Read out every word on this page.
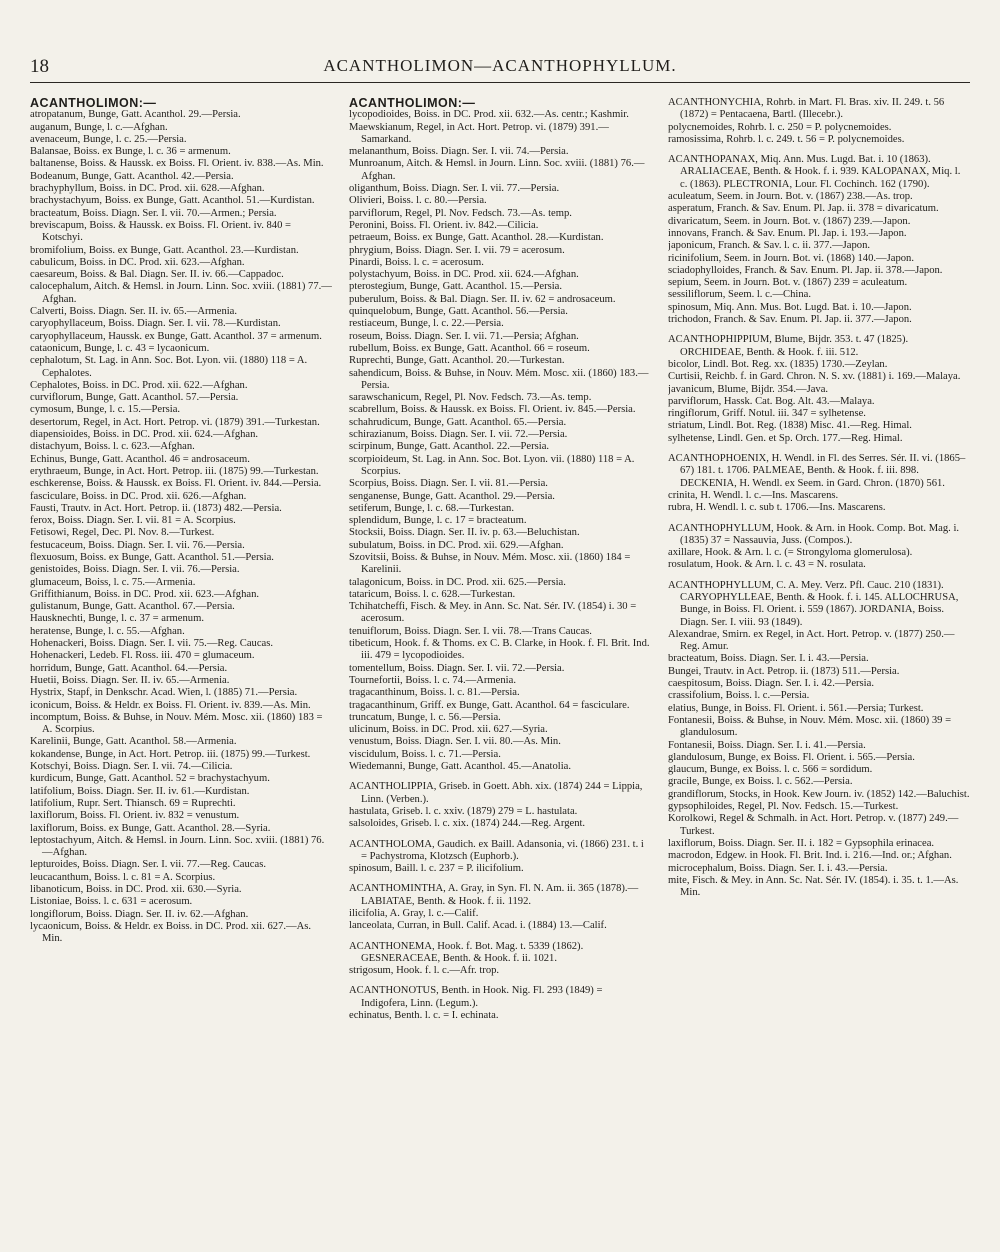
18	ACANTHOLIMON—ACANTHOPHYLLUM.

ACANTHOLIMON:—

atropatanum, Bunge, Gatt. Acanthol. 29.—Persia.

auganum, Bunge, l. c.—Afghan.

avenaceum, Bunge, l. c. 25.—Persia.

Balansae, Boiss. ex Bunge, l. c. 36 = armenum.

baltanense, Boiss. & Haussk. ex Boiss. Fl. Orient. iv. 838.—As. Min.

Bodeanum, Bunge, Gatt. Acanthol. 42.—Persia.

brachyphyllum, Boiss. in DC. Prod. xii. 628.—Afghan.

brachystachyum, Boiss. ex Bunge, Gatt. Acanthol. 51.—Kurdistan.

bracteatum, Boiss. Diagn. Ser. I. vii. 70.—Armen.; Persia.

breviscapum, Boiss. & Haussk. ex Boiss. Fl. Orient. iv. 840 = Kotschyi.

bromifolium, Boiss. ex Bunge, Gatt. Acanthol. 23.—Kurdistan.

cabulicum, Boiss. in DC. Prod. xii. 623.—Afghan.

caesareum, Boiss. & Bal. Diagn. Ser. II. iv. 66.—Cappadoc.

calocephalum, Aitch. & Hemsl. in Journ. Linn. Soc. xviii. (1881) 77.—Afghan.

Calverti, Boiss. Diagn. Ser. II. iv. 65.—Armenia.

caryophyllaceum, Boiss. Diagn. Ser. I. vii. 78.—Kurdistan.

caryophyllaceum, Haussk. ex Bunge, Gatt. Acanthol. 37 = armenum.

cataonicum, Bunge, l. c. 43 = lycaonicum.

cephalotum, St. Lag. in Ann. Soc. Bot. Lyon. vii. (1880) 118 = A. Cephalotes.

Cephalotes, Boiss. in DC. Prod. xii. 622.—Afghan.

curviflorum, Bunge, Gatt. Acanthol. 57.—Persia.

cymosum, Bunge, l. c. 15.—Persia.

desertorum, Regel, in Act. Hort. Petrop. vi. (1879) 391.—Turkestan.

diapensioides, Boiss. in DC. Prod. xii. 624.—Afghan.

distachyum, Boiss. l. c. 623.—Afghan.

Echinus, Bunge, Gatt. Acanthol. 46 = androsaceum.

erythraeum, Bunge, in Act. Hort. Petrop. iii. (1875) 99.—Turkestan.

eschkerense, Boiss. & Haussk. ex Boiss. Fl. Orient. iv. 844.—Persia.

fasciculare, Boiss. in DC. Prod. xii. 626.—Afghan.

Fausti, Trautv. in Act. Hort. Petrop. ii. (1873) 482.—Persia.

ferox, Boiss. Diagn. Ser. I. vii. 81 = A. Scorpius.

Fetisowi, Regel, Dec. Pl. Nov. 8.—Turkest.

festucaceum, Boiss. Diagn. Ser. I. vii. 76.—Persia.

flexuosum, Boiss. ex Bunge, Gatt. Acanthol. 51.—Persia.

genistoides, Boiss. Diagn. Ser. I. vii. 76.—Persia.

glumaceum, Boiss, l. c. 75.—Armenia.

Griffithianum, Boiss. in DC. Prod. xii. 623.—Afghan.

gulistanum, Bunge, Gatt. Acanthol. 67.—Persia.

Hausknechti, Bunge, l. c. 37 = armenum.

heratense, Bunge, l. c. 55.—Afghan.

Hohenackeri, Boiss. Diagn. Ser. I. vii. 75.—Reg. Caucas.

Hohenackeri, Ledeb. Fl. Ross. iii. 470 = glumaceum.

horridum, Bunge, Gatt. Acanthol. 64.—Persia.

Huetii, Boiss. Diagn. Ser. II. iv. 65.—Armenia.

Hystrix, Stapf, in Denkschr. Acad. Wien, l. (1885) 71.—Persia.

iconicum, Boiss. & Heldr. ex Boiss. Fl. Orient. iv. 839.—As. Min.

incomptum, Boiss. & Buhse, in Nouv. Mém. Mosc. xii. (1860) 183 = A. Scorpius.

Karelinii, Bunge, Gatt. Acanthol. 58.—Armenia.

kokandense, Bunge, in Act. Hort. Petrop. iii. (1875) 99.—Turkest.

Kotschyi, Boiss. Diagn. Ser. I. vii. 74.—Cilicia.

kurdicum, Bunge, Gatt. Acanthol. 52 = brachystachyum.

latifolium, Boiss. Diagn. Ser. II. iv. 61.—Kurdistan.

latifolium, Rupr. Sert. Thiansch. 69 = Ruprechti.

laxiflorum, Boiss. Fl. Orient. iv. 832 = venustum.

laxiflorum, Boiss. ex Bunge, Gatt. Acanthol. 28.—Syria.

leptostachyum, Aitch. & Hemsl. in Journ. Linn. Soc. xviii. (1881) 76.—Afghan.

lepturoides, Boiss. Diagn. Ser. I. vii. 77.—Reg. Caucas.

leucacanthum, Boiss. l. c. 81 = A. Scorpius.

libanoticum, Boiss. in DC. Prod. xii. 630.—Syria.

Listoniae, Boiss. l. c. 631 = acerosum.

longiflorum, Boiss. Diagn. Ser. II. iv. 62.—Afghan.

lycaonicum, Boiss. & Heldr. ex Boiss. in DC. Prod. xii. 627.—As. Min.

ACANTHOLIMON:—

lycopodioides, Boiss. in DC. Prod. xii. 632.—As. centr.; Kashmir.

Maewskianum, Regel, in Act. Hort. Petrop. vi. (1879) 391.—Samarkand.

melananthum, Boiss. Diagn. Ser. I. vii. 74.—Persia.

Munroanum, Aitch. & Hemsl. in Journ. Linn. Soc. xviii. (1881) 76.—Afghan.

oliganthum, Boiss. Diagn. Ser. I. vii. 77.—Persia.

Olivieri, Boiss. l. c. 80.—Persia.

parviflorum, Regel, Pl. Nov. Fedsch. 73.—As. temp.

Peronini, Boiss. Fl. Orient. iv. 842.—Cilicia.

petraeum, Boiss. ex Bunge, Gatt. Acanthol. 28.—Kurdistan.

phrygium, Boiss. Diagn. Ser. I. vii. 79 = acerosum.

Pinardi, Boiss. l. c. = acerosum.

polystachyum, Boiss. in DC. Prod. xii. 624.—Afghan.

pterostegium, Bunge, Gatt. Acanthol. 15.—Persia.

puberulum, Boiss. & Bal. Diagn. Ser. II. iv. 62 = androsaceum.

quinquelobum, Bunge, Gatt. Acanthol. 56.—Persia.

restiaceum, Bunge, l. c. 22.—Persia.

roseum, Boiss. Diagn. Ser. I. vii. 71.—Persia; Afghan.

rubellum, Boiss. ex Bunge, Gatt. Acanthol. 66 = roseum.

Ruprechti, Bunge, Gatt. Acanthol. 20.—Turkestan.

sahendicum, Boiss. & Buhse, in Nouv. Mém. Mosc. xii. (1860) 183.—Persia.

sarawschanicum, Regel, Pl. Nov. Fedsch. 73.—As. temp.

scabrellum, Boiss. & Haussk. ex Boiss. Fl. Orient. iv. 845.—Persia.

schahrudicum, Bunge, Gatt. Acanthol. 65.—Persia.

schirazianum, Boiss. Diagn. Ser. I. vii. 72.—Persia.

scirpinum, Bunge, Gatt. Acanthol. 22.—Persia.

scorpioideum, St. Lag. in Ann. Soc. Bot. Lyon. vii. (1880) 118 = A. Scorpius.

Scorpius, Boiss. Diagn. Ser. I. vii. 81.—Persia.

senganense, Bunge, Gatt. Acanthol. 29.—Persia.

setiferum, Bunge, l. c. 68.—Turkestan.

splendidum, Bunge, l. c. 17 = bracteatum.

Stocksii, Boiss. Diagn. Ser. II. iv. p. 63.—Beluchistan.

subulatum, Boiss. in DC. Prod. xii. 629.—Afghan.

Szovitsii, Boiss. & Buhse, in Nouv. Mém. Mosc. xii. (1860) 184 = Karelinii.

talagonicum, Boiss. in DC. Prod. xii. 625.—Persia.

tataricum, Boiss. l. c. 628.—Turkestan.

Tchihatcheffi, Fisch. & Mey. in Ann. Sc. Nat. Sér. IV. (1854) i. 30 = acerosum.

tenuiflorum, Boiss. Diagn. Ser. I. vii. 78.—Trans Caucas.

tibeticum, Hook. f. & Thoms. ex C. B. Clarke, in Hook. f. Fl. Brit. Ind. iii. 479 = lycopodioides.

tomentellum, Boiss. Diagn. Ser. I. vii. 72.—Persia.

Tournefortii, Boiss. l. c. 74.—Armenia.

tragacanthinum, Boiss. l. c. 81.—Persia.

tragacanthinum, Griff. ex Bunge, Gatt. Acanthol. 64 = fasciculare.

truncatum, Bunge, l. c. 56.—Persia.

ulicinum, Boiss. in DC. Prod. xii. 627.—Syria.

venustum, Boiss. Diagn. Ser. I. vii. 80.—As. Min.

viscidulum, Boiss. l. c. 71.—Persia.

Wiedemanni, Bunge, Gatt. Acanthol. 45.—Anatolia.

ACANTHOLIPPIA, Griseb. in Goett. Abh. xix. (1874) 244 = Lippia, Linn. (Verben.).

hastulata, Griseb. l. c. xxiv. (1879) 279 = L. hastulata.

salsoloides, Griseb. l. c. xix. (1874) 244.—Reg. Argent.

ACANTHOLOMA, Gaudich. ex Baill. Adansonia, vi. (1866) 231. t. i = Pachystroma, Klotzsch (Euphorb.).

spinosum, Baill. l. c. 237 = P. ilicifolium.

ACANTHOMINTHA, A. Gray, in Syn. Fl. N. Am. ii. 365 (1878).—LABIATAE, Benth. & Hook. f. ii. 1192.

ilicifolia, A. Gray, l. c.—Calif.

lanceolata, Curran, in Bull. Calif. Acad. i. (1884) 13.—Calif.

ACANTHONEMA, Hook. f. Bot. Mag. t. 5339 (1862). GESNERACEAE, Benth. & Hook. f. ii. 1021.

strigosum, Hook. f. l. c.—Afr. trop.

ACANTHONOTUS, Benth. in Hook. Nig. Fl. 293 (1849) = Indigofera, Linn. (Legum.).

echinatus, Benth. l. c. = I. echinata.

ACANTHONYCHIA, Rohrb. in Mart. Fl. Bras. xiv. II. 249. t. 56 (1872) = Pentacaena, Bartl. (Illecebr.).

polycnemoides, Rohrb. l. c. 250 = P. polycnemoides.

ramosissima, Rohrb. l. c. 249. t. 56 = P. polycnemoides.

ACANTHOPANAX, Miq. Ann. Mus. Lugd. Bat. i. 10 (1863). ARALIACEAE, Benth. & Hook. f. i. 939. KALOPANAX, Miq. l. c. (1863). PLECTRONIA, Lour. Fl. Cochinch. 162 (1790).

aculeatum, Seem. in Journ. Bot. v. (1867) 238.—As. trop.

asperatum, Franch. & Sav. Enum. Pl. Jap. ii. 378 = divaricatum.

divaricatum, Seem. in Journ. Bot. v. (1867) 239.—Japon.

innovans, Franch. & Sav. Enum. Pl. Jap. i. 193.—Japon.

japonicum, Franch. & Sav. l. c. ii. 377.—Japon.

ricinifolium, Seem. in Journ. Bot. vi. (1868) 140.—Japon.

sciadophylloides, Franch. & Sav. Enum. Pl. Jap. ii. 378.—Japon.

sepium, Seem. in Journ. Bot. v. (1867) 239 = aculeatum.

sessiliflorum, Seem. l. c.—China.

spinosum, Miq. Ann. Mus. Bot. Lugd. Bat. i. 10.—Japon.

trichodon, Franch. & Sav. Enum. Pl. Jap. ii. 377.—Japon.

ACANTHOPHIPPIUM, Blume, Bijdr. 353. t. 47 (1825). ORCHIDEAE, Benth. & Hook. f. iii. 512.

bicolor, Lindl. Bot. Reg. xx. (1835) 1730.—Zeylan.

Curtisii, Reichb. f. in Gard. Chron. N. S. xv. (1881) i. 169.—Malaya.

javanicum, Blume, Bijdr. 354.—Java.

parviflorum, Hassk. Cat. Bog. Alt. 43.—Malaya.

ringiflorum, Griff. Notul. iii. 347 = sylhetense.

striatum, Lindl. Bot. Reg. (1838) Misc. 41.—Reg. Himal.

sylhetense, Lindl. Gen. et Sp. Orch. 177.—Reg. Himal.

ACANTHOPHOENIX, H. Wendl. in Fl. des Serres. Sér. II. vi. (1865–67) 181. t. 1706. PALMEAE, Benth. & Hook. f. iii. 898. DECKENIA, H. Wendl. ex Seem. in Gard. Chron. (1870) 561.

crinita, H. Wendl. l. c.—Ins. Mascarens.

rubra, H. Wendl. l. c. sub t. 1706.—Ins. Mascarens.

ACANTHOPHYLLUM, Hook. & Arn. in Hook. Comp. Bot. Mag. i. (1835) 37 = Nassauvia, Juss. (Compos.).

axillare, Hook. & Arn. l. c. (= Strongyloma glomerulosa).

rosulatum, Hook. & Arn. l. c. 43 = N. rosulata.

ACANTHOPHYLLUM, C. A. Mey. Verz. Pfl. Cauc. 210 (1831). CARYOPHYLLEAE, Benth. & Hook. f. i. 145. ALLOCHRUSA, Bunge, in Boiss. Fl. Orient. i. 559 (1867). JORDANIA, Boiss. Diagn. Ser. I. viii. 93 (1849).

Alexandrae, Smirn. ex Regel, in Act. Hort. Petrop. v. (1877) 250.—Reg. Amur.

bracteatum, Boiss. Diagn. Ser. I. i. 43.—Persia.

Bungei, Trautv. in Act. Petrop. ii. (1873) 511.—Persia.

caespitosum, Boiss. Diagn. Ser. I. i. 42.—Persia.

crassifolium, Boiss. l. c.—Persia.

elatius, Bunge, in Boiss. Fl. Orient. i. 561.—Persia; Turkest.

Fontanesii, Boiss. & Buhse, in Nouv. Mém. Mosc. xii. (1860) 39 = glandulosum.

Fontanesii, Boiss. Diagn. Ser. I. i. 41.—Persia.

glandulosum, Bunge, ex Boiss. Fl. Orient. i. 565.—Persia.

glaucum, Bunge, ex Boiss. l. c. 566 = sordidum.

gracile, Bunge, ex Boiss. l. c. 562.—Persia.

grandiflorum, Stocks, in Hook. Kew Journ. iv. (1852) 142.—Baluchist.

gypsophiloides, Regel, Pl. Nov. Fedsch. 15.—Turkest.

Korolkowi, Regel & Schmalh. in Act. Hort. Petrop. v. (1877) 249.—Turkest.

laxiflorum, Boiss. Diagn. Ser. II. i. 182 = Gypsophila erinacea.

macrodon, Edgew. in Hook. Fl. Brit. Ind. i. 216.—Ind. or.; Afghan.

microcephalum, Boiss. Diagn. Ser. I. i. 43.—Persia.

mite, Fisch. & Mey. in Ann. Sc. Nat. Sér. IV. (1854). i. 35. t. 1.—As. Min.
